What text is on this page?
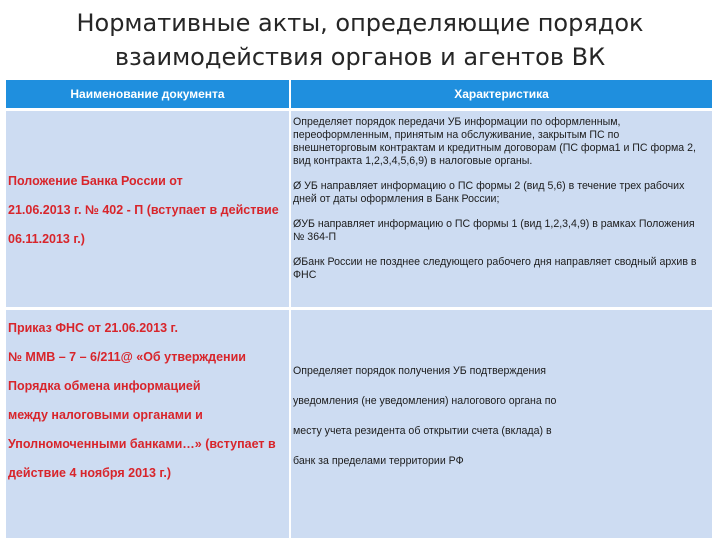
Нормативные акты, определяющие порядок
взаимодействия органов и агентов ВК
Наименование документа	Характеристика
Положение Банка России от
21.06.2013 г. № 402 - П (вступает в действие
06.11.2013 г.)
Определяет порядок передачи УБ информации по оформленным, переоформленным, принятым на обслуживание, закрытым ПС по внешнеторговым контрактам и кредитным договорам (ПС форма1 и ПС форма 2, вид контракта 1,2,3,4,5,6,9) в налоговые органы.
Ø УБ направляет информацию о ПС формы 2 (вид 5,6) в течение трех рабочих дней от даты оформления в Банк России;
ØУБ направляет информацию о ПС формы 1 (вид 1,2,3,4,9) в рамках Положения № 364-П
ØБанк России не позднее следующего рабочего дня направляет сводный архив в ФНС
Приказ ФНС от 21.06.2013 г.
№ ММВ – 7 – 6/211@ «Об утверждении
Порядка обмена информацией
между налоговыми органами и
Уполномоченными банками…» (вступает в
действие 4 ноября 2013 г.)
Определяет порядок получения УБ подтверждения
уведомления (не уведомления) налогового органа по
месту учета резидента об открытии счета (вклада) в
банк за пределами территории РФ
